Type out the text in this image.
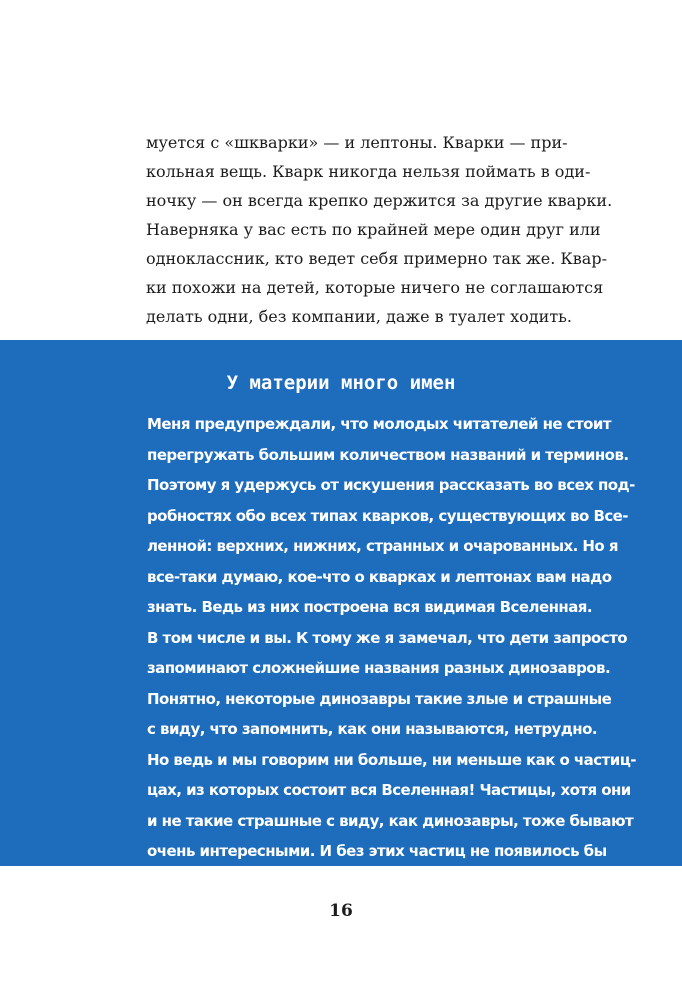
муется с «шкварки» — и лептоны. Кварки — при-
кольная вещь. Кварк никогда нельзя поймать в оди-
ночку — он всегда крепко держится за другие кварки.
Наверняка у вас есть по крайней мере один друг или
одноклассник, кто ведет себя примерно так же. Квар-
ки похожи на детей, которые ничего не соглашаются
делать одни, без компании, даже в туалет ходить.
У материи много имен
Меня предупреждали, что молодых читателей не стоит
перегружать большим количеством названий и терминов.
Поэтому я удержусь от искушения рассказать во всех под-
робностях обо всех типах кварков, существующих во Все-
ленной: верхних, нижних, странных и очарованных. Но я
все-таки думаю, кое-что о кварках и лептонах вам надо
знать. Ведь из них построена вся видимая Вселенная.
В том числе и вы. К тому же я замечал, что дети запросто
запоминают сложнейшие названия разных динозавров.
Понятно, некоторые динозавры такие злые и страшные
с виду, что запомнить, как они называются, нетрудно.
Но ведь и мы говорим ни больше, ни меньше как о частиц-
цах, из которых состоит вся Вселенная! Частицы, хотя они
и не такие страшные с виду, как динозавры, тоже бывают
очень интересными. И без этих частиц не появилось бы
и самих динозавров.
16
